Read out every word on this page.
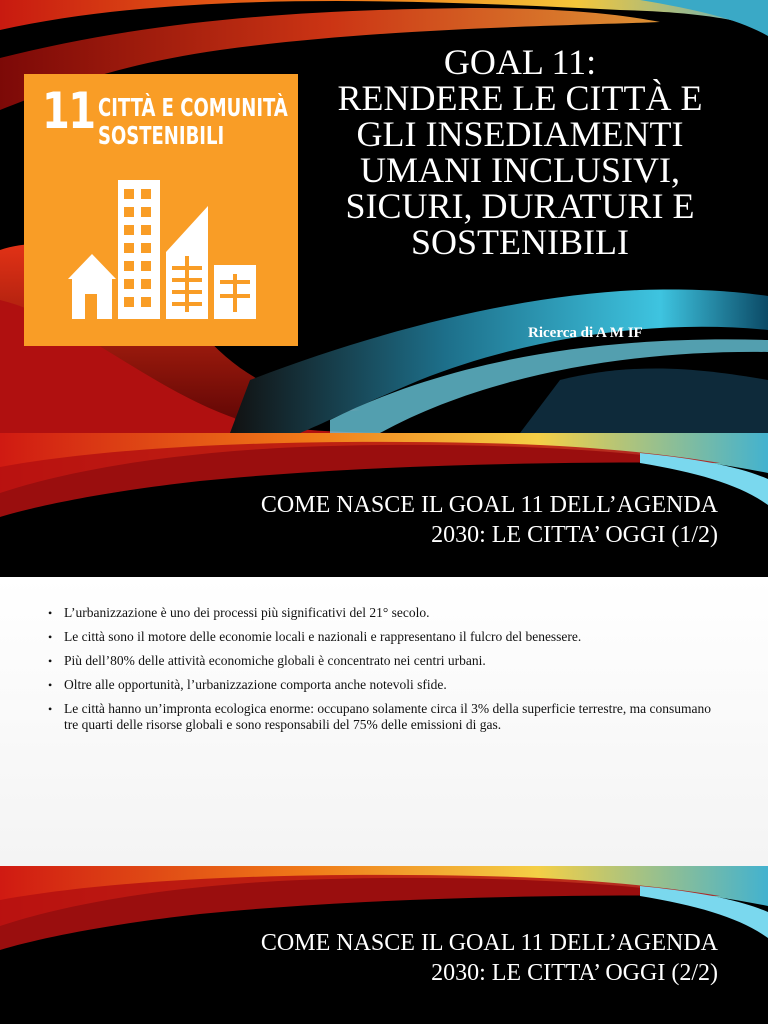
11 CITTÀ E COMUNITÀ
SOSTENIBILI
GOAL 11:
RENDERE LE CITTÀ E
GLI INSEDIAMENTI
UMANI INCLUSIVI,
SICURI, DURATURI E
SOSTENIBILI

Ricerca di A M IF

COME NASCE IL GOAL 11 DELL’AGENDA
2030: LE CITTA’ OGGI (1/2)
• L’urbanizzazione è uno dei processi più significativi del 21° secolo.
• Le città sono il motore delle economie locali e nazionali e rappresentano il fulcro del benessere.
• Più dell’80% delle attività economiche globali è concentrato nei centri urbani.
• Oltre alle opportunità, l’urbanizzazione comporta anche notevoli sfide.
• Le città hanno un’impronta ecologica enorme: occupano solamente circa il 3% della superficie terrestre, ma consumano tre quarti delle risorse globali e sono responsabili del 75% delle emissioni di gas.
COME NASCE IL GOAL 11 DELL’AGENDA
2030: LE CITTA’ OGGI (2/2)
